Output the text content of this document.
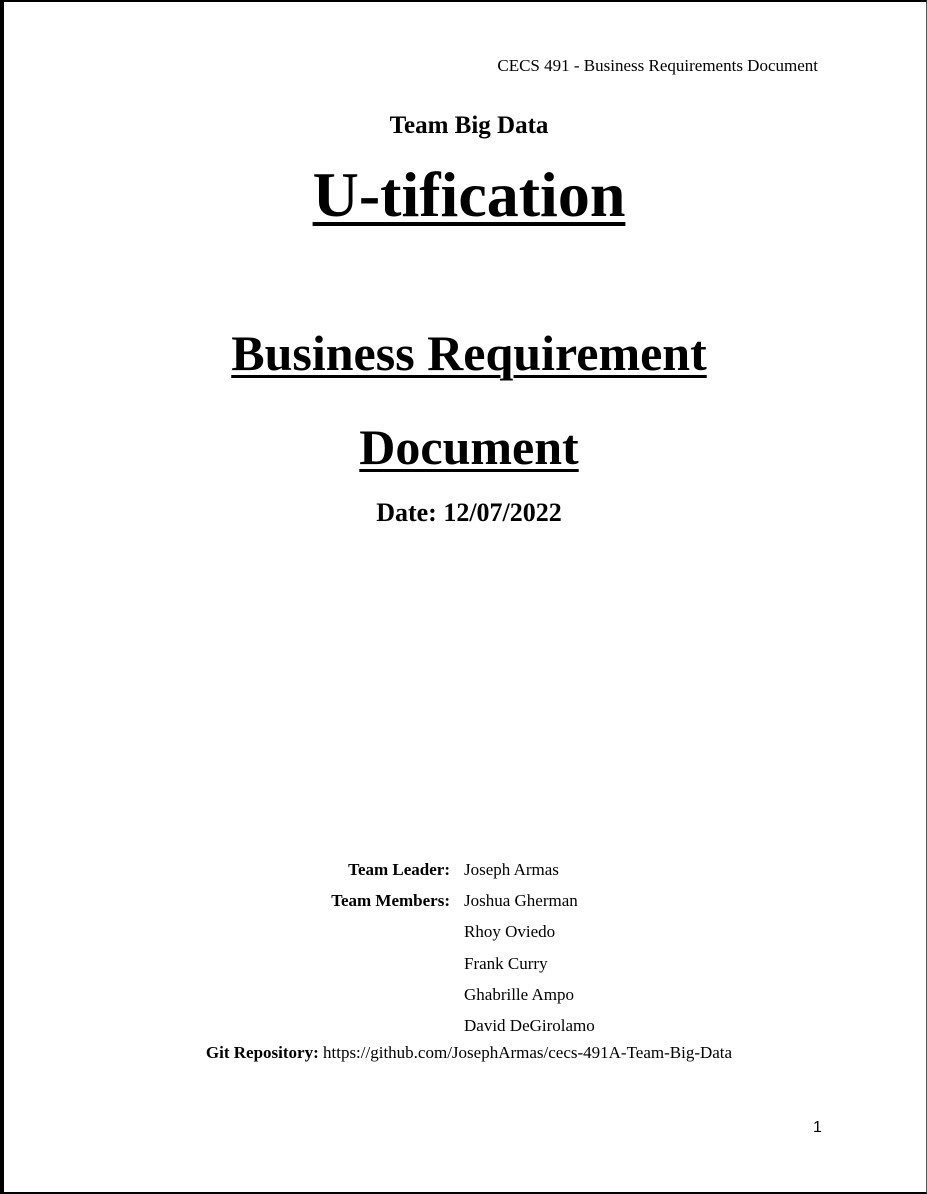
CECS 491 - Business Requirements Document
Team Big Data
U-tification
Business Requirement
Document
Date: 12/07/2022
Team Leader: Joseph Armas
Team Members: Joshua Gherman
Rhoy Oviedo
Frank Curry
Ghabrille Ampo
David DeGirolamo
Git Repository: https://github.com/JosephArmas/cecs-491A-Team-Big-Data
1
